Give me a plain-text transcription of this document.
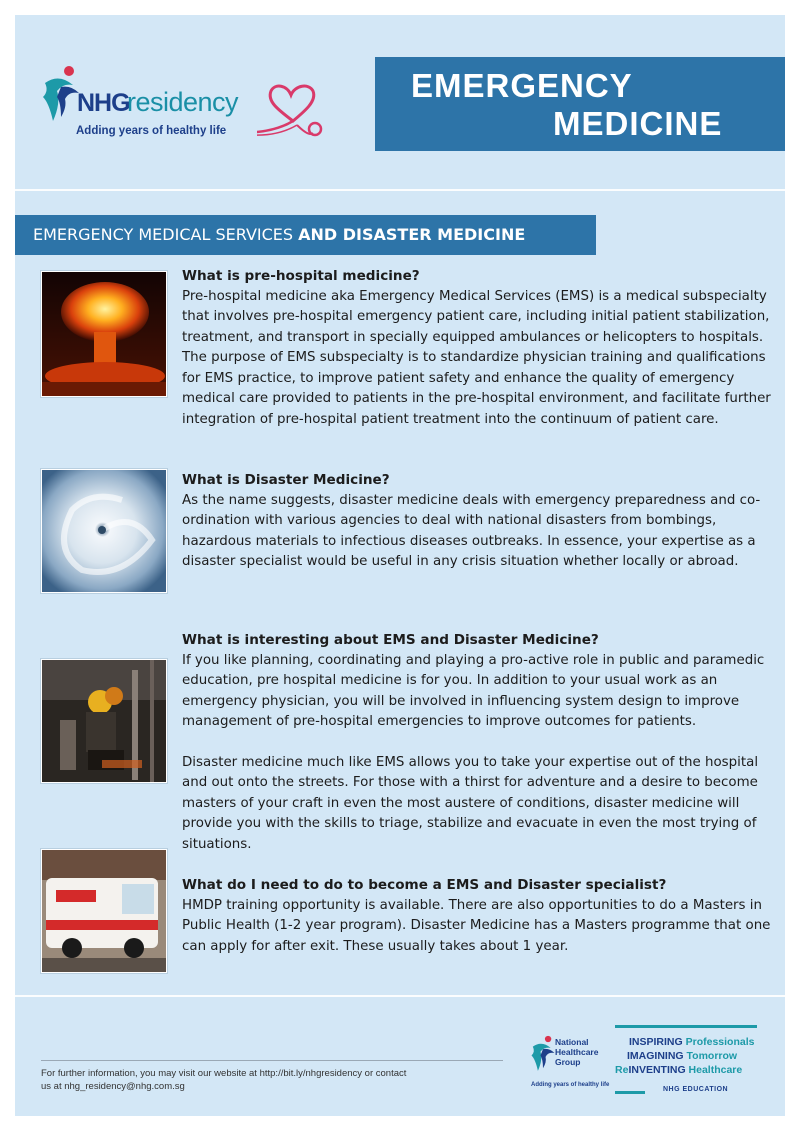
NHG
residency
Adding years of healthy life
EMERGENCY
MEDICINE
EMERGENCY MEDICAL SERVICES AND DISASTER MEDICINE
What is pre-hospital medicine?
Pre-hospital medicine aka Emergency Medical Services (EMS) is a medical subspecialty that involves pre-hospital emergency patient care, including initial patient stabilization, treatment, and transport in specially equipped ambulances or helicopters to hospitals. The purpose of EMS subspecialty is to standardize physician training and qualifications for EMS practice, to improve patient safety and enhance the quality of emergency medical care provided to patients in the pre-hospital environment, and facilitate further integration of pre-hospital patient treatment into the continuum of patient care.
What is Disaster Medicine?
As the name suggests, disaster medicine deals with emergency preparedness and co-ordination with various agencies to deal with national disasters from bombings, hazardous materials to infectious diseases outbreaks. In essence, your expertise as a disaster specialist would be useful in any crisis situation whether locally or abroad.
What is interesting about EMS and Disaster Medicine?
If you like planning, coordinating and playing a pro-active role in public and paramedic education, pre hospital medicine is for you. In addition to your usual work as an emergency physician, you will be involved in influencing system design to improve management of pre-hospital emergencies to improve outcomes for patients.
Disaster medicine much like EMS allows you to take your expertise out of the hospital and out onto the streets. For those with a thirst for adventure and a desire to become masters of your craft in even the most austere of conditions, disaster medicine will provide you with the skills to triage, stabilize and evacuate in even the most trying of situations.
What do I need to do to become a EMS and Disaster specialist?
HMDP training opportunity is available. There are also opportunities to do a Masters in Public Health (1-2 year program). Disaster Medicine has a Masters programme that one can apply for after exit. These usually takes about 1 year.
For further information, you may visit our website at http://bit.ly/nhgresidency or contact
us at nhg_residency@nhg.com.sg
National
Healthcare
Group
Adding years of healthy life
INSPIRING Professionals
IMAGINING Tomorrow
ReINVENTING Healthcare
NHG EDUCATION
